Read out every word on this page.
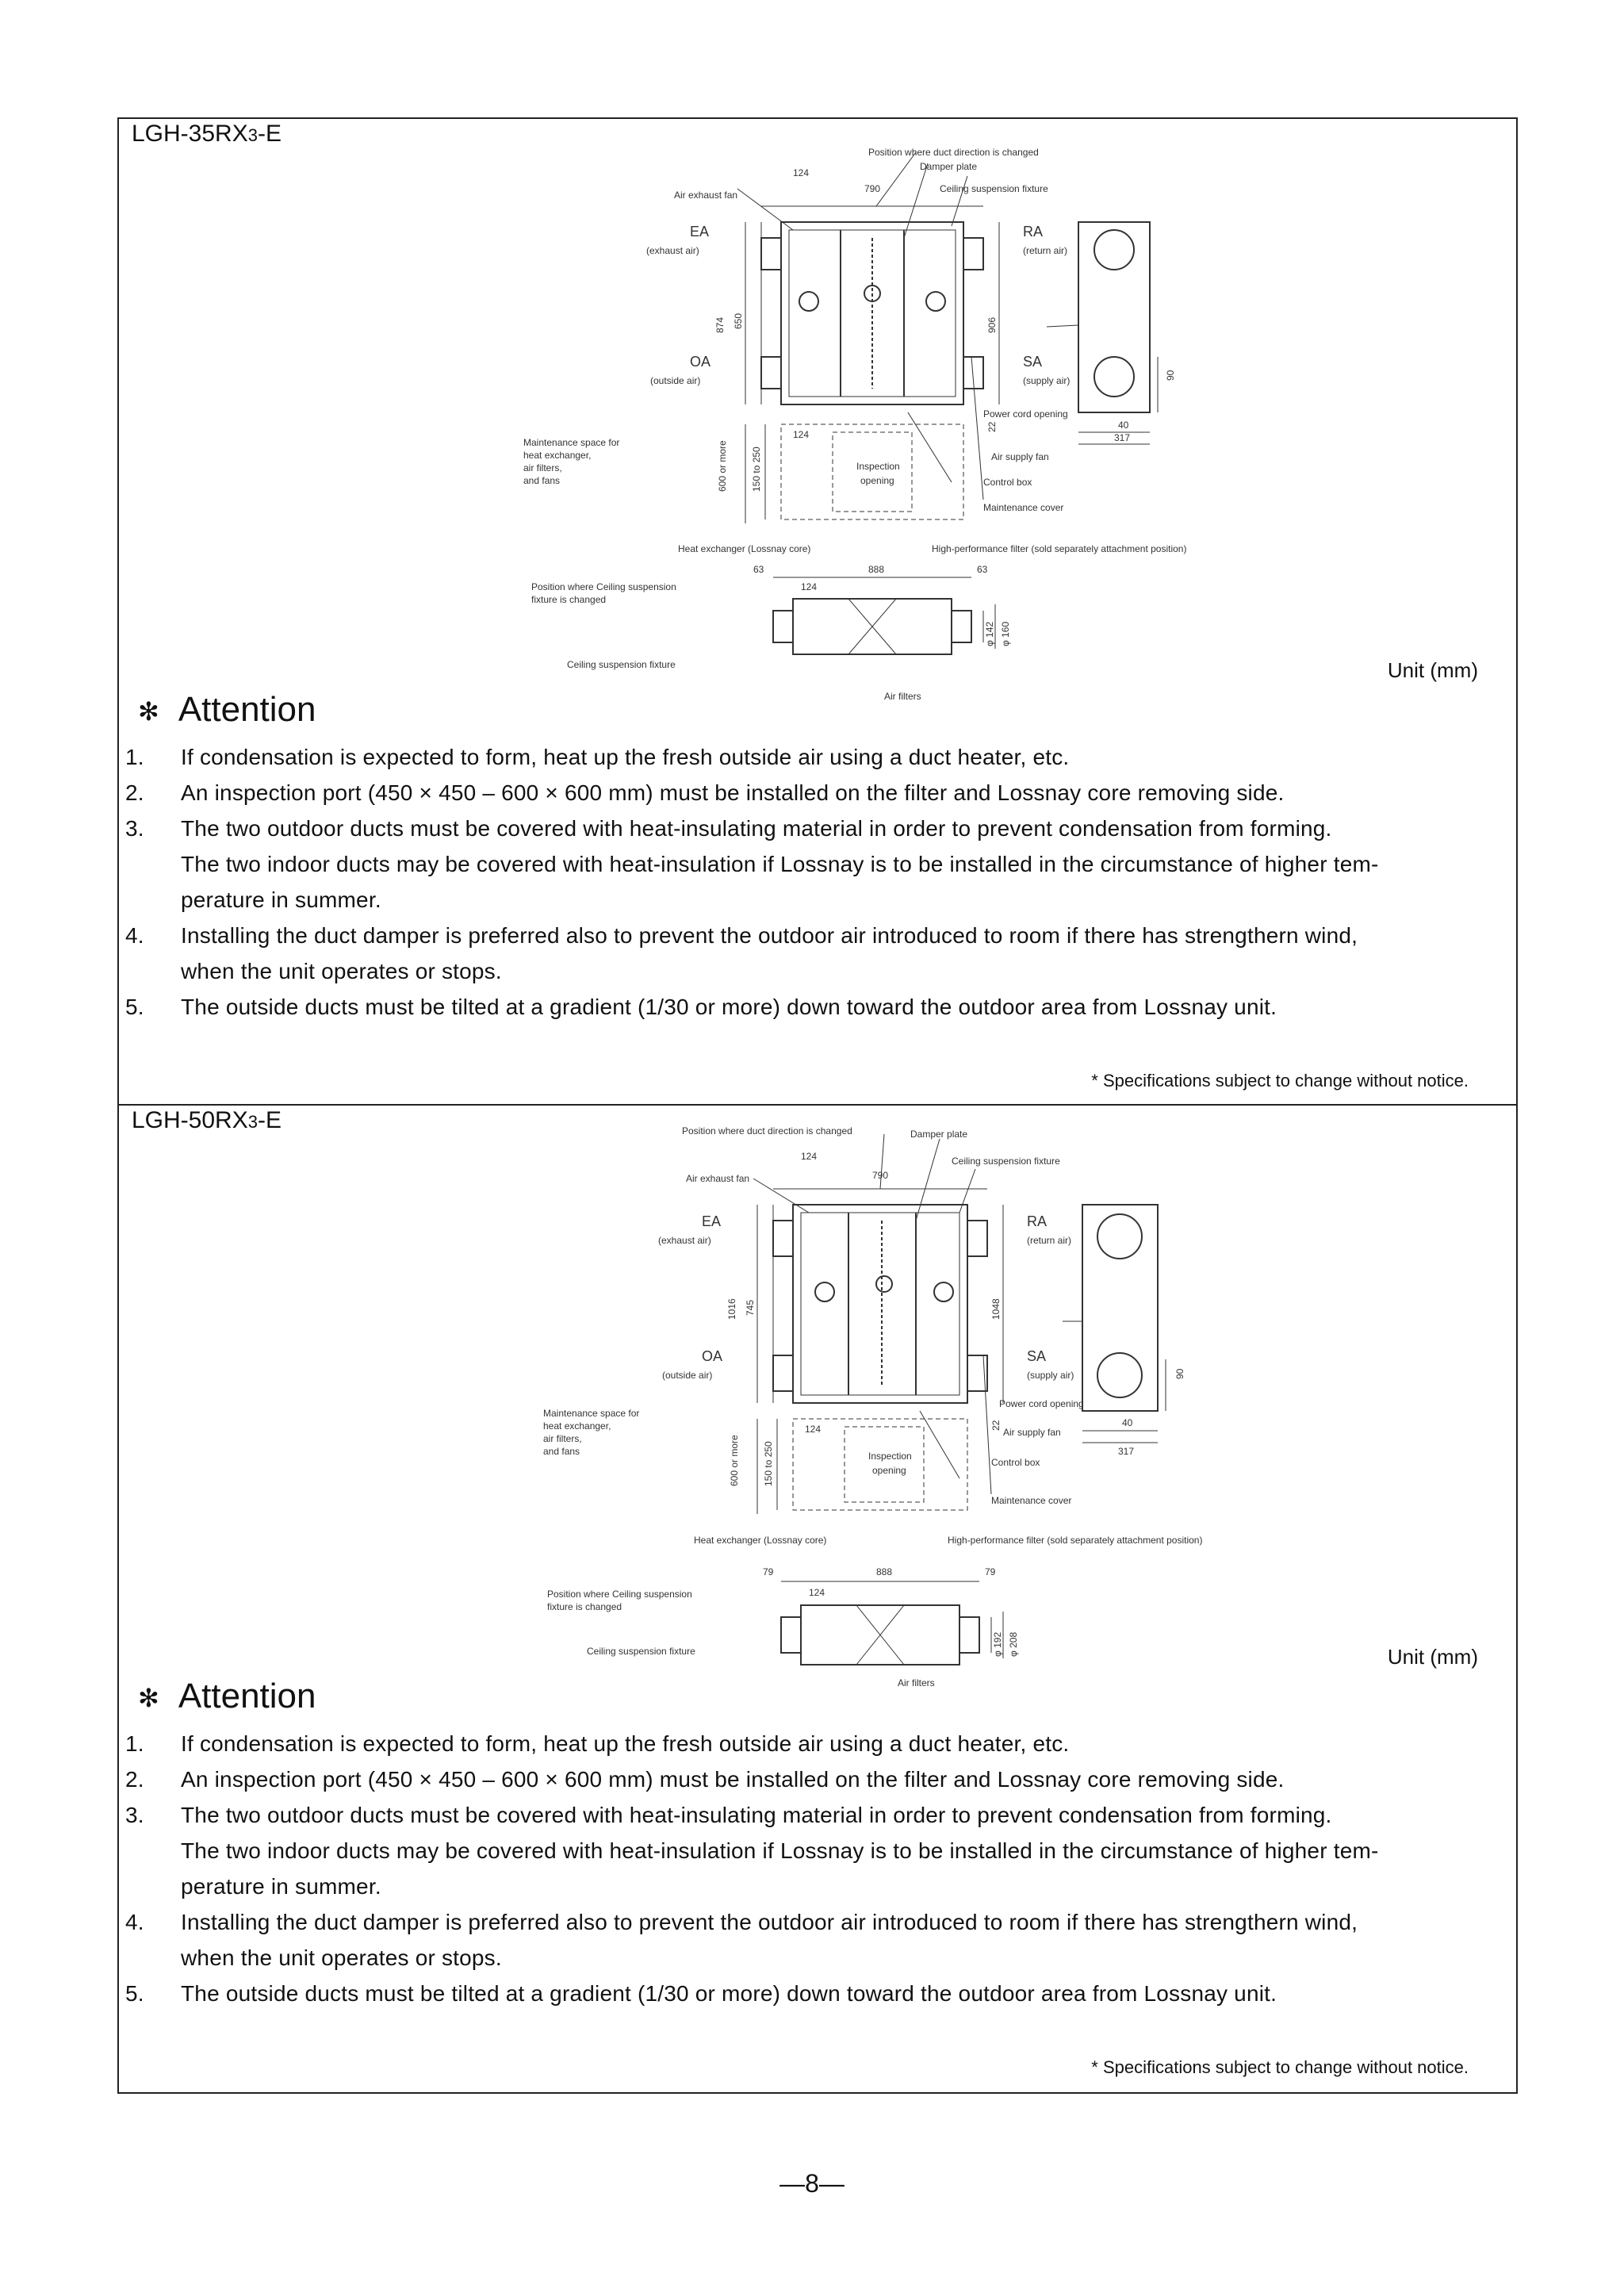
LGH-35RX3-E
Position where duct direction is changed
Damper plate
Ceiling suspension fixture
Air exhaust fan
124
790
EA
(exhaust air)
RA
(return air)
OA
(outside air)
SA
(supply air)
874 650	906
22
Power cord opening
90
40
317
Maintenance space for
heat exchanger,
air filters,
and fans	600 or more 150 to 250
124
Inspection
opening
Air supply fan
Control box
Maintenance cover
Heat exchanger (Lossnay core)	High-performance filter (sold separately attachment position)
63	888	63
Position where Ceiling suspension
fixture is changed
124
φ 142 φ 160
Ceiling suspension fixture
Air filters
Unit (mm)
✻ Attention
1. If condensation is expected to form, heat up the fresh outside air using a duct heater, etc.
2. An inspection port (450 × 450 – 600 × 600 mm) must be installed on the filter and Lossnay core removing side.
3. The two outdoor ducts must be covered with heat-insulating material in order to prevent condensation from forming.
The two indoor ducts may be covered with heat-insulation if Lossnay is to be installed in the circumstance of higher tem-
perature in summer.
4. Installing the duct damper is preferred also to prevent the outdoor air introduced to room if there has strengthern wind,
when the unit operates or stops.
5. The outside ducts must be tilted at a gradient (1/30 or more) down toward the outdoor area from Lossnay unit.
* Specifications subject to change without notice.
LGH-50RX3-E	Position where duct direction is changed	Damper plate
Ceiling suspension fixture
Air exhaust fan
124
790
EA
(exhaust air)
RA
(return air)
OA
(outside air)
SA
(supply air)
1016 745	1048
22
Power cord opening
90
40
317
Maintenance space for
heat exchanger,
air filters,
and fans	600 or more 150 to 250
124
Inspection
opening
Air supply fan
Control box
Maintenance cover
Heat exchanger (Lossnay core)	High-performance filter (sold separately attachment position)
79	888	79
Position where Ceiling suspension
fixture is changed
124
φ 192 φ 208
Ceiling suspension fixture
Air filters
Unit (mm)
✻ Attention
1. If condensation is expected to form, heat up the fresh outside air using a duct heater, etc.
2. An inspection port (450 × 450 – 600 × 600 mm) must be installed on the filter and Lossnay core removing side.
3. The two outdoor ducts must be covered with heat-insulating material in order to prevent condensation from forming.
The two indoor ducts may be covered with heat-insulation if Lossnay is to be installed in the circumstance of higher tem-
perature in summer.
4. Installing the duct damper is preferred also to prevent the outdoor air introduced to room if there has strengthern wind,
when the unit operates or stops.
5. The outside ducts must be tilted at a gradient (1/30 or more) down toward the outdoor area from Lossnay unit.
* Specifications subject to change without notice.
—8—
